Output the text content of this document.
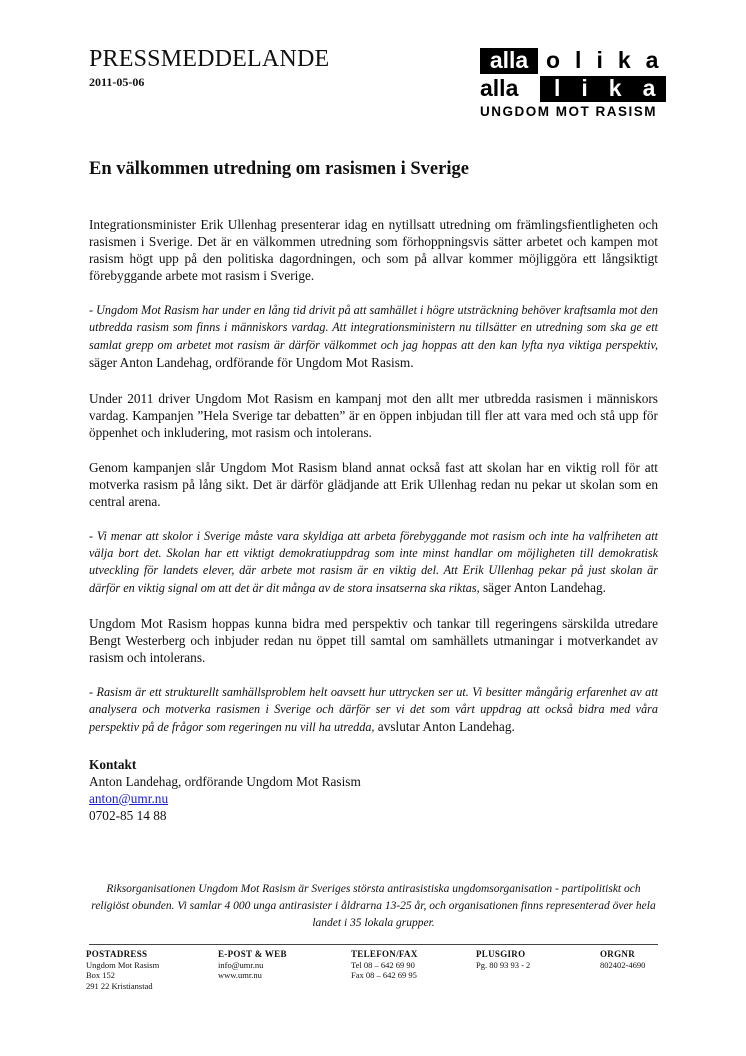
PRESSMEDDELANDE
2011-05-06
alla olika
alla	lika
UNGDOM MOT RASISM
En välkommen utredning om rasismen i Sverige

Integrationsminister Erik Ullenhag presenterar idag en nytillsatt utredning om främlingsfientligheten och rasismen i Sverige. Det är en välkommen utredning som förhoppningsvis sätter arbetet och kampen mot rasism högt upp på den politiska dagordningen, och som på allvar kommer möjliggöra ett långsiktigt förebyggande arbete mot rasism i Sverige.

- Ungdom Mot Rasism har under en lång tid drivit på att samhället i högre utsträckning behöver kraftsamla mot den utbredda rasism som finns i människors vardag. Att integrationsministern nu tillsätter en utredning som ska ge ett samlat grepp om arbetet mot rasism är därför välkommet och jag hoppas att den kan lyfta nya viktiga perspektiv, säger Anton Landehag, ordförande för Ungdom Mot Rasism.

Under 2011 driver Ungdom Mot Rasism en kampanj mot den allt mer utbredda rasismen i människors vardag. Kampanjen ”Hela Sverige tar debatten” är en öppen inbjudan till fler att vara med och stå upp för öppenhet och inkludering, mot rasism och intolerans.

Genom kampanjen slår Ungdom Mot Rasism bland annat också fast att skolan har en viktig roll för att motverka rasism på lång sikt. Det är därför glädjande att Erik Ullenhag redan nu pekar ut skolan som en central arena.

- Vi menar att skolor i Sverige måste vara skyldiga att arbeta förebyggande mot rasism och inte ha valfriheten att välja bort det. Skolan har ett viktigt demokratiuppdrag som inte minst handlar om möjligheten till demokratisk utveckling för landets elever, där arbete mot rasism är en viktig del. Att Erik Ullenhag pekar på just skolan är därför en viktig signal om att det är dit många av de stora insatserna ska riktas, säger Anton Landehag.

Ungdom Mot Rasism hoppas kunna bidra med perspektiv och tankar till regeringens särskilda utredare Bengt Westerberg och inbjuder redan nu öppet till samtal om samhällets utmaningar i motverkandet av rasism och intolerans.

- Rasism är ett strukturellt samhällsproblem helt oavsett hur uttrycken ser ut. Vi besitter mångårig erfarenhet av att analysera och motverka rasismen i Sverige och därför ser vi det som vårt uppdrag att också bidra med våra perspektiv på de frågor som regeringen nu vill ha utredda, avslutar Anton Landehag.

Kontakt
Anton Landehag, ordförande Ungdom Mot Rasism
anton@umr.nu
0702-85 14 88
Riksorganisationen Ungdom Mot Rasism är Sveriges största antirasistiska ungdomsorganisation - partipolitiskt och religiöst obunden. Vi samlar 4 000 unga antirasister i åldrarna 13-25 år, och organisationen finns representerad över hela landet i 35 lokala grupper.
POSTADRESS
Ungdom Mot Rasism
Box 152
291 22 Kristianstad
E-POST & WEB
info@umr.nu
www.umr.nu
TELEFON/FAX
Tel 08 – 642 69 90
Fax 08 – 642 69 95
PLUSGIRO
Pg. 80 93 93 - 2
ORGNR
802402-4690
